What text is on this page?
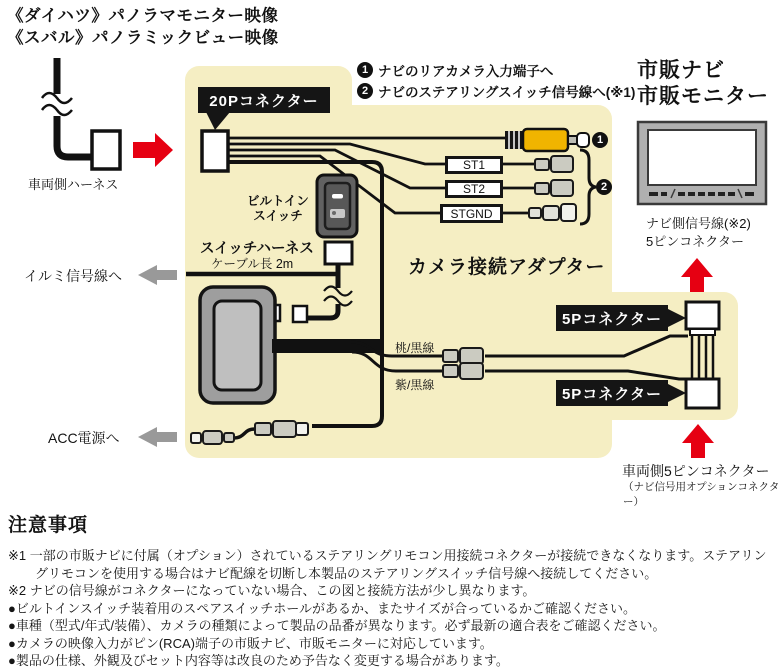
《ダイハツ》パノラマモニター映像
《スバル》パノラミックビュー映像
20Pコネクター
5Pコネクター
5Pコネクター
1 ナビのリアカメラ入力端子へ
2 ナビのステアリングスイッチ信号線へ(※1)
1
2
ST1
ST2
STGND
車両側ハーネス
イルミ信号線へ
ACC電源へ
ビルトイン
スイッチ
スイッチハーネス
ケーブル長 2m	カメラ接続アダプター
桃/黒線
紫/黒線
市販ナビ
市販モニター
ナビ側信号線(※2)
5ピンコネクター
車両側5ピンコネクター
（ナビ信号用オプションコネクター）
注意事項
※1 一部の市販ナビに付属（オプション）されているステアリングリモコン用接続コネクターが接続できなくなります。ステアリングリモコンを使用する場合はナビ配線を切断し本製品のステアリングスイッチ信号線へ接続してください。
※2 ナビの信号線がコネクターになっていない場合、この図と接続方法が少し異なります。
●ビルトインスイッチ装着用のスペアスイッチホールがあるか、またサイズが合っているかご確認ください。
●車種（型式/年式/装備）、カメラの種類によって製品の品番が異なります。必ず最新の適合表をご確認ください。
●カメラの映像入力がピン(RCA)端子の市販ナビ、市販モニターに対応しています。
●製品の仕様、外観及びセット内容等は改良のため予告なく変更する場合があります。
